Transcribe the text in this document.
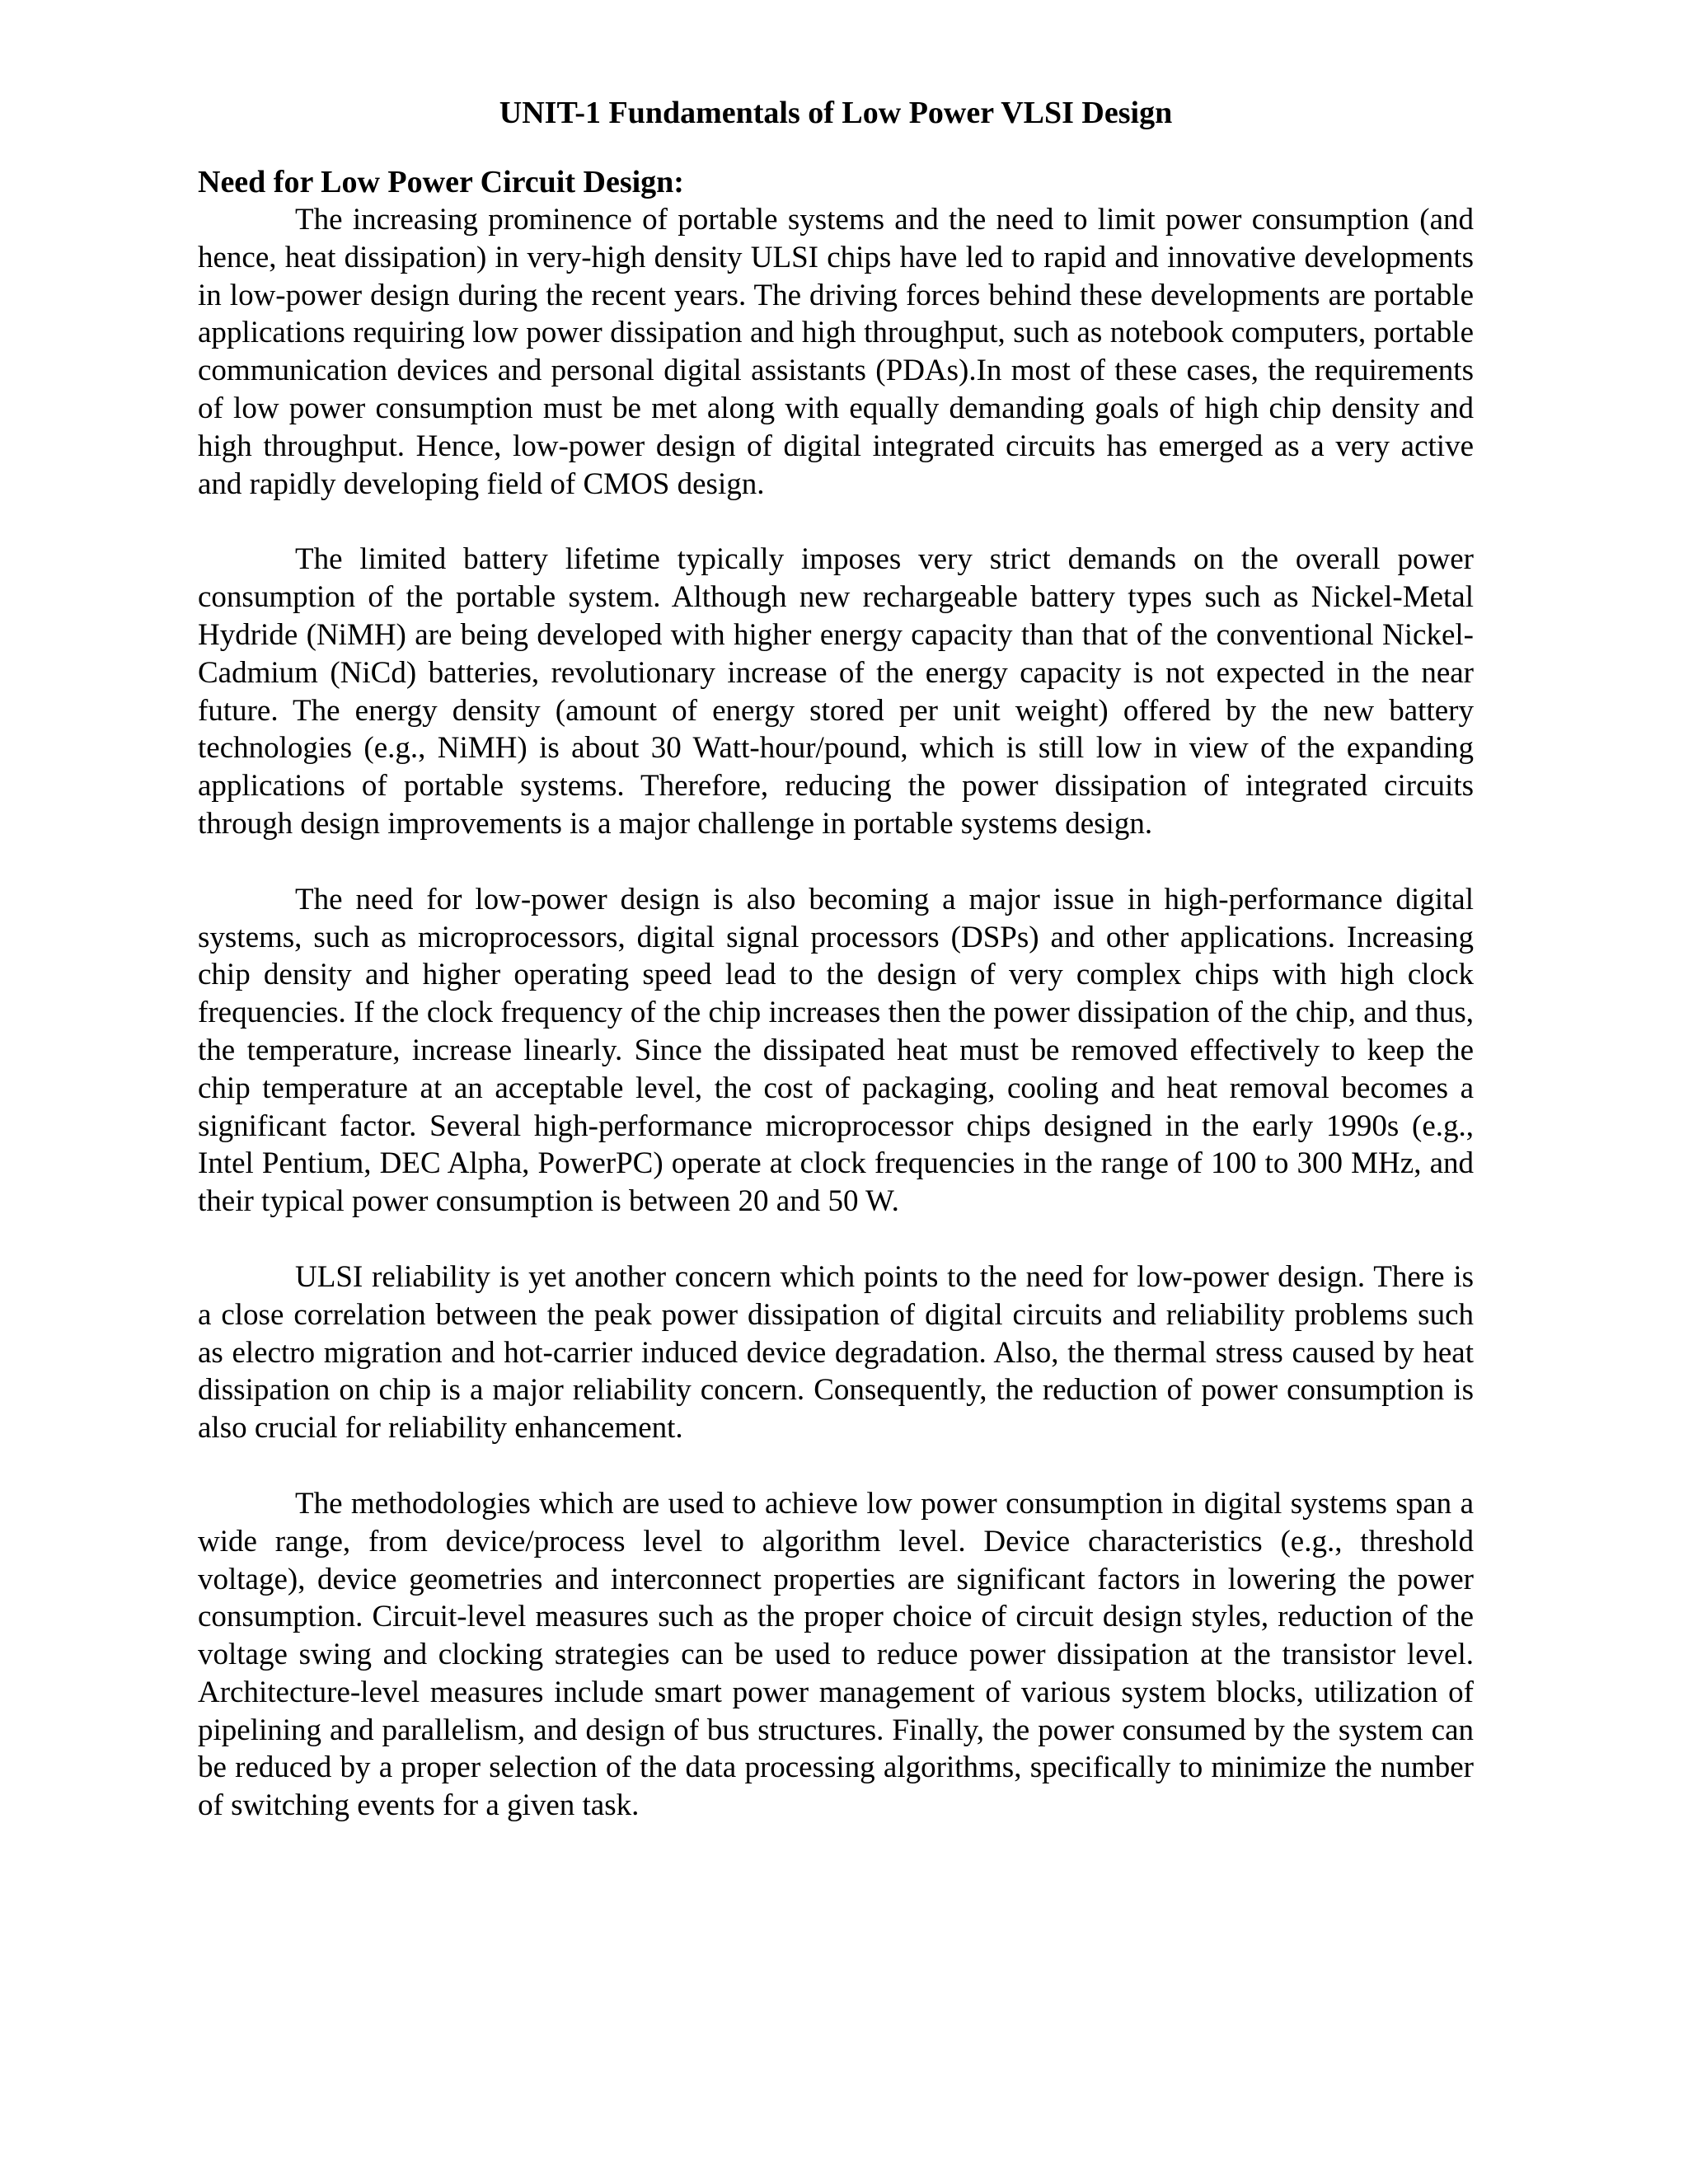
UNIT-1 Fundamentals of Low Power VLSI Design
Need for Low Power Circuit Design:

The increasing prominence of portable systems and the need to limit power consumption (and hence, heat dissipation) in very-high density ULSI chips have led to rapid and innovative developments in low-power design during the recent years. The driving forces behind these developments are portable applications requiring low power dissipation and high throughput, such as notebook computers, portable communication devices and personal digital assistants (PDAs).In most of these cases, the requirements of low power consumption must be met along with equally demanding goals of high chip density and high throughput. Hence, low-power design of digital integrated circuits has emerged as a very active and rapidly developing field of CMOS design.

The limited battery lifetime typically imposes very strict demands on the overall power consumption of the portable system. Although new rechargeable battery types such as Nickel-Metal Hydride (NiMH) are being developed with higher energy capacity than that of the conventional Nickel-Cadmium (NiCd) batteries, revolutionary increase of the energy capacity is not expected in the near future. The energy density (amount of energy stored per unit weight) offered by the new battery technologies (e.g., NiMH) is about 30 Watt-hour/pound, which is still low in view of the expanding applications of portable systems. Therefore, reducing the power dissipation of integrated circuits through design improvements is a major challenge in portable systems design.

The need for low-power design is also becoming a major issue in high-performance digital systems, such as microprocessors, digital signal processors (DSPs) and other applications. Increasing chip density and higher operating speed lead to the design of very complex chips with high clock frequencies. If the clock frequency of the chip increases then the power dissipation of the chip, and thus, the temperature, increase linearly. Since the dissipated heat must be removed effectively to keep the chip temperature at an acceptable level, the cost of packaging, cooling and heat removal becomes a significant factor. Several high-performance microprocessor chips designed in the early 1990s (e.g., Intel Pentium, DEC Alpha, PowerPC) operate at clock frequencies in the range of 100 to 300 MHz, and their typical power consumption is between 20 and 50 W.

ULSI reliability is yet another concern which points to the need for low-power design. There is a close correlation between the peak power dissipation of digital circuits and reliability problems such as electro migration and hot-carrier induced device degradation. Also, the thermal stress caused by heat dissipation on chip is a major reliability concern. Consequently, the reduction of power consumption is also crucial for reliability enhancement.

The methodologies which are used to achieve low power consumption in digital systems span a wide range, from device/process level to algorithm level. Device characteristics (e.g., threshold voltage), device geometries and interconnect properties are significant factors in lowering the power consumption. Circuit-level measures such as the proper choice of circuit design styles, reduction of the voltage swing and clocking strategies can be used to reduce power dissipation at the transistor level. Architecture-level measures include smart power management of various system blocks, utilization of pipelining and parallelism, and design of bus structures. Finally, the power consumed by the system can be reduced by a proper selection of the data processing algorithms, specifically to minimize the number of switching events for a given task.
